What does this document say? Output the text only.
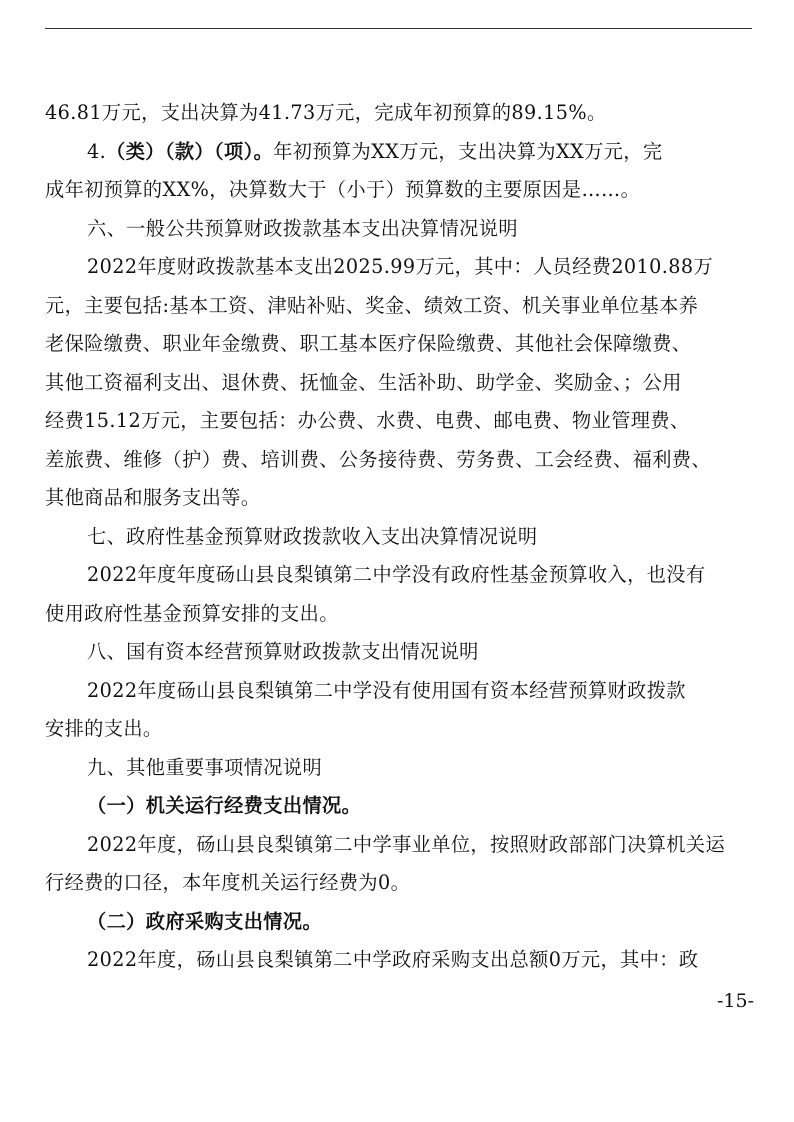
46.81万元，支出决算为41.73万元，完成年初预算的89.15%。
4.（类）（款）（项）。年初预算为XX万元，支出决算为XX万元，完
成年初预算的XX%，决算数大于（小于）预算数的主要原因是……。
六、一般公共预算财政拨款基本支出决算情况说明
2022年度财政拨款基本支出2025.99万元，其中：人员经费2010.88万
元，主要包括:基本工资、津贴补贴、奖金、绩效工资、机关事业单位基本养
老保险缴费、职业年金缴费、职工基本医疗保险缴费、其他社会保障缴费、
其他工资福利支出、退休费、抚恤金、生活补助、助学金、奖励金、；公用
经费15.12万元，主要包括：办公费、水费、电费、邮电费、物业管理费、
差旅费、维修（护）费、培训费、公务接待费、劳务费、工会经费、福利费、
其他商品和服务支出等。
七、政府性基金预算财政拨款收入支出决算情况说明
2022年度年度砀山县良梨镇第二中学没有政府性基金预算收入，也没有
使用政府性基金预算安排的支出。
八、国有资本经营预算财政拨款支出情况说明
2022年度砀山县良梨镇第二中学没有使用国有资本经营预算财政拨款
安排的支出。
九、其他重要事项情况说明
（一）机关运行经费支出情况。
2022年度，砀山县良梨镇第二中学事业单位，按照财政部部门决算机关运
行经费的口径，本年度机关运行经费为0。
（二）政府采购支出情况。
2022年度，砀山县良梨镇第二中学政府采购支出总额0万元，其中：政
-15-
